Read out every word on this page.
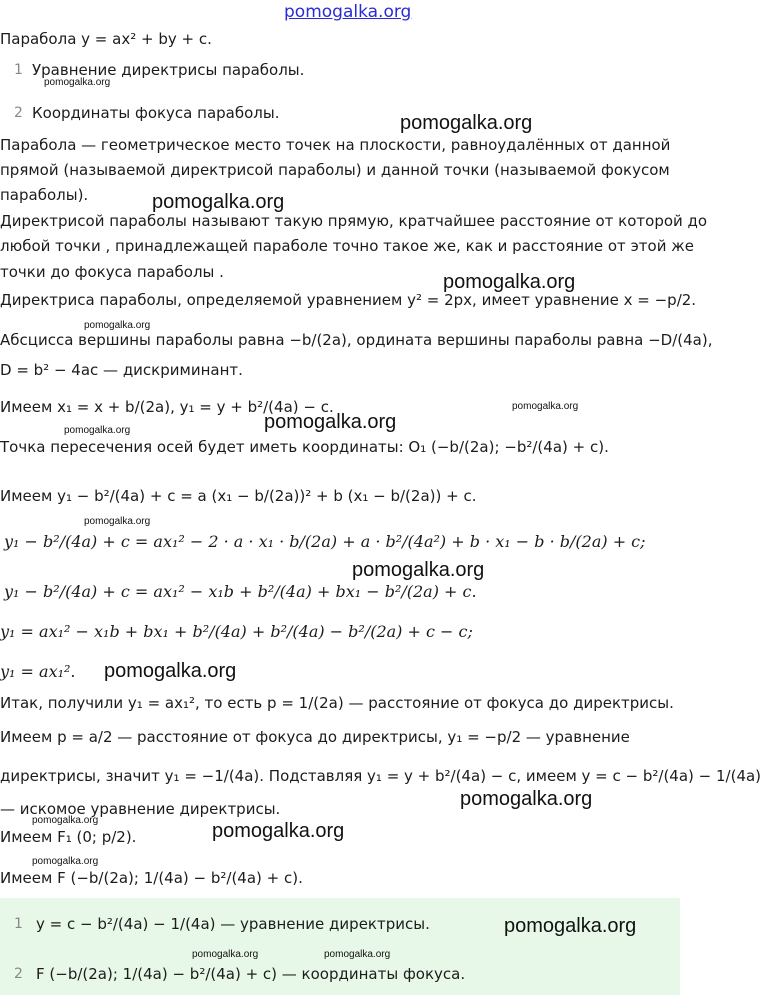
pomogalka.org
Парабола y = ax² + by + c.
1 Уравнение директрисы параболы.
pomogalka.org
2 Координаты фокуса параболы.	pomogalka.org
Парабола — геометрическое место точек на плоскости, равноудалённых от данной
прямой (называемой директрисой параболы) и данной точки (называемой фокусом
параболы).	pomogalka.org
Директрисой параболы называют такую прямую, кратчайшее расстояние от которой до
любой точки , принадлежащей параболе точно такое же, как и расстояние от этой же
точки до фокуса параболы .	pomogalka.org
Директриса параболы, определяемой уравнением y² = 2px, имеет уравнение x = −p/2.
pomogalka.org
Абсцисса вершины параболы равна −b/(2a), ордината вершины параболы равна −D/(4a),
D = b² − 4ac — дискриминант.
Имеем x₁ = x + b/(2a), y₁ = y + b²/(4a) − c.	pomogalka.org
pomogalka.org
pomogalka.org
Точка пересечения осей будет иметь координаты: O₁ (−b/(2a); −b²/(4a) + c).
Имеем y₁ − b²/(4a) + c = a (x₁ − b/(2a))² + b (x₁ − b/(2a)) + c.
pomogalka.org
y₁ − b²/(4a) + c = ax₁² − 2 · a · x₁ · b/(2a) + a · b²/(4a²) + b · x₁ − b · b/(2a) + c;
pomogalka.org
y₁ − b²/(4a) + c = ax₁² − x₁b + b²/(4a) + bx₁ − b²/(2a) + c.
y₁ = ax₁² − x₁b + bx₁ + b²/(4a) + b²/(4a) − b²/(2a) + c − c;
y₁ = ax₁². pomogalka.org
Итак, получили y₁ = ax₁², то есть p = 1/(2a) — расстояние от фокуса до директрисы.
Имеем p = a/2 — расстояние от фокуса до директрисы, y₁ = −p/2 — уравнение
директрисы, значит y₁ = −1/(4a). Подставляя y₁ = y + b²/(4a) − c, имеем y = c − b²/(4a) − 1/(4a)
pomogalka.org
— искомое уравнение директрисы.
pomogalka.org	pomogalka.org
Имеем F₁ (0; p/2).
pomogalka.org
Имеем F (−b/(2a); 1/(4a) − b²/(4a) + c).
1 y = c − b²/(4a) − 1/(4a) — уравнение директрисы.	pomogalka.org
pomogalka.org	pomogalka.org
2 F (−b/(2a); 1/(4a) − b²/(4a) + c) — координаты фокуса.
